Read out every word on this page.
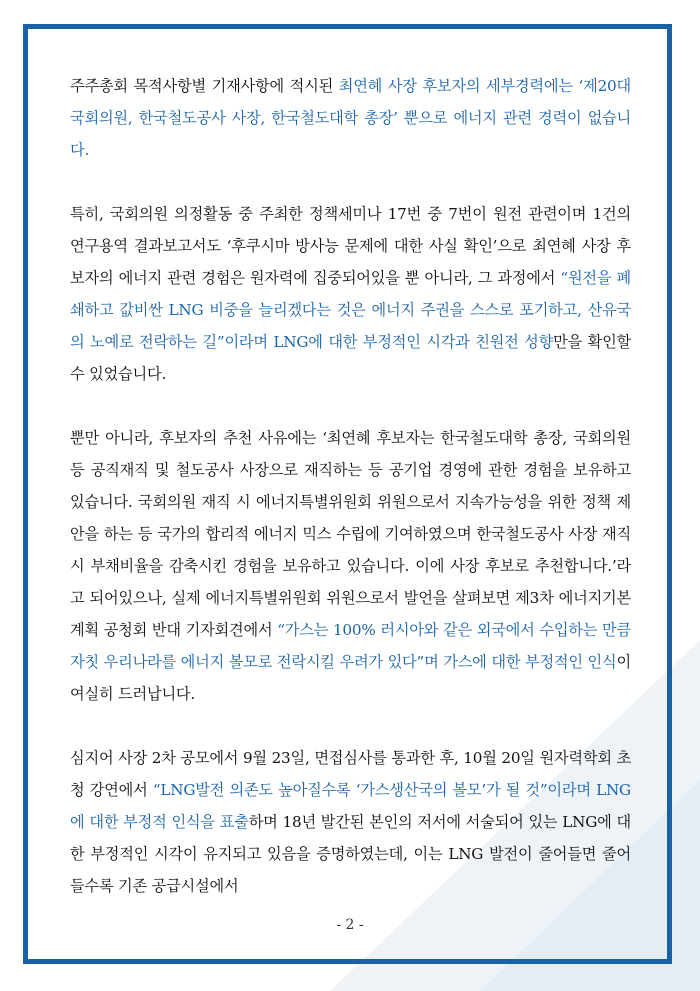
주주총회 목적사항별 기재사항에 적시된 최연혜 사장 후보자의 세부경력에는 ‘제20대 국회의원, 한국철도공사 사장, 한국철도대학 총장’ 뿐으로 에너지 관련 경력이 없습니다.

특히, 국회의원 의정활동 중 주최한 정책세미나 17번 중 7번이 원전 관련이며 1건의 연구용역 결과보고서도 ‘후쿠시마 방사능 문제에 대한 사실 확인’으로 최연혜 사장 후보자의 에너지 관련 경험은 원자력에 집중되어있을 뿐 아니라, 그 과정에서 “원전을 폐쇄하고 값비싼 LNG 비중을 늘리겠다는 것은 에너지 주권을 스스로 포기하고, 산유국의 노예로 전락하는 길”이라며 LNG에 대한 부정적인 시각과 친원전 성향만을 확인할 수 있었습니다.

뿐만 아니라, 후보자의 추천 사유에는 ‘최연혜 후보자는 한국철도대학 총장, 국회의원 등 공직재직 및 철도공사 사장으로 재직하는 등 공기업 경영에 관한 경험을 보유하고 있습니다. 국회의원 재직 시 에너지특별위원회 위원으로서 지속가능성을 위한 정책 제안을 하는 등 국가의 합리적 에너지 믹스 수립에 기여하였으며 한국철도공사 사장 재직 시 부채비율을 감축시킨 경험을 보유하고 있습니다. 이에 사장 후보로 추천합니다.’라고 되어있으나, 실제 에너지특별위원회 위원으로서 발언을 살펴보면 제3차 에너지기본계획 공청회 반대 기자회견에서 “가스는 100% 러시아와 같은 외국에서 수입하는 만큼 자칫 우리나라를 에너지 볼모로 전락시킬 우려가 있다”며 가스에 대한 부정적인 인식이 여실히 드러납니다.

심지어 사장 2차 공모에서 9월 23일, 면접심사를 통과한 후, 10월 20일 원자력학회 초청 강연에서 “LNG발전 의존도 높아질수록 ‘가스생산국의 볼모’가 될 것”이라며 LNG에 대한 부정적 인식을 표출하며 18년 발간된 본인의 저서에 서술되어 있는 LNG에 대한 부정적인 시각이 유지되고 있음을 증명하였는데, 이는 LNG 발전이 줄어들면 줄어들수록 기존 공급시설에서

- 2 -
